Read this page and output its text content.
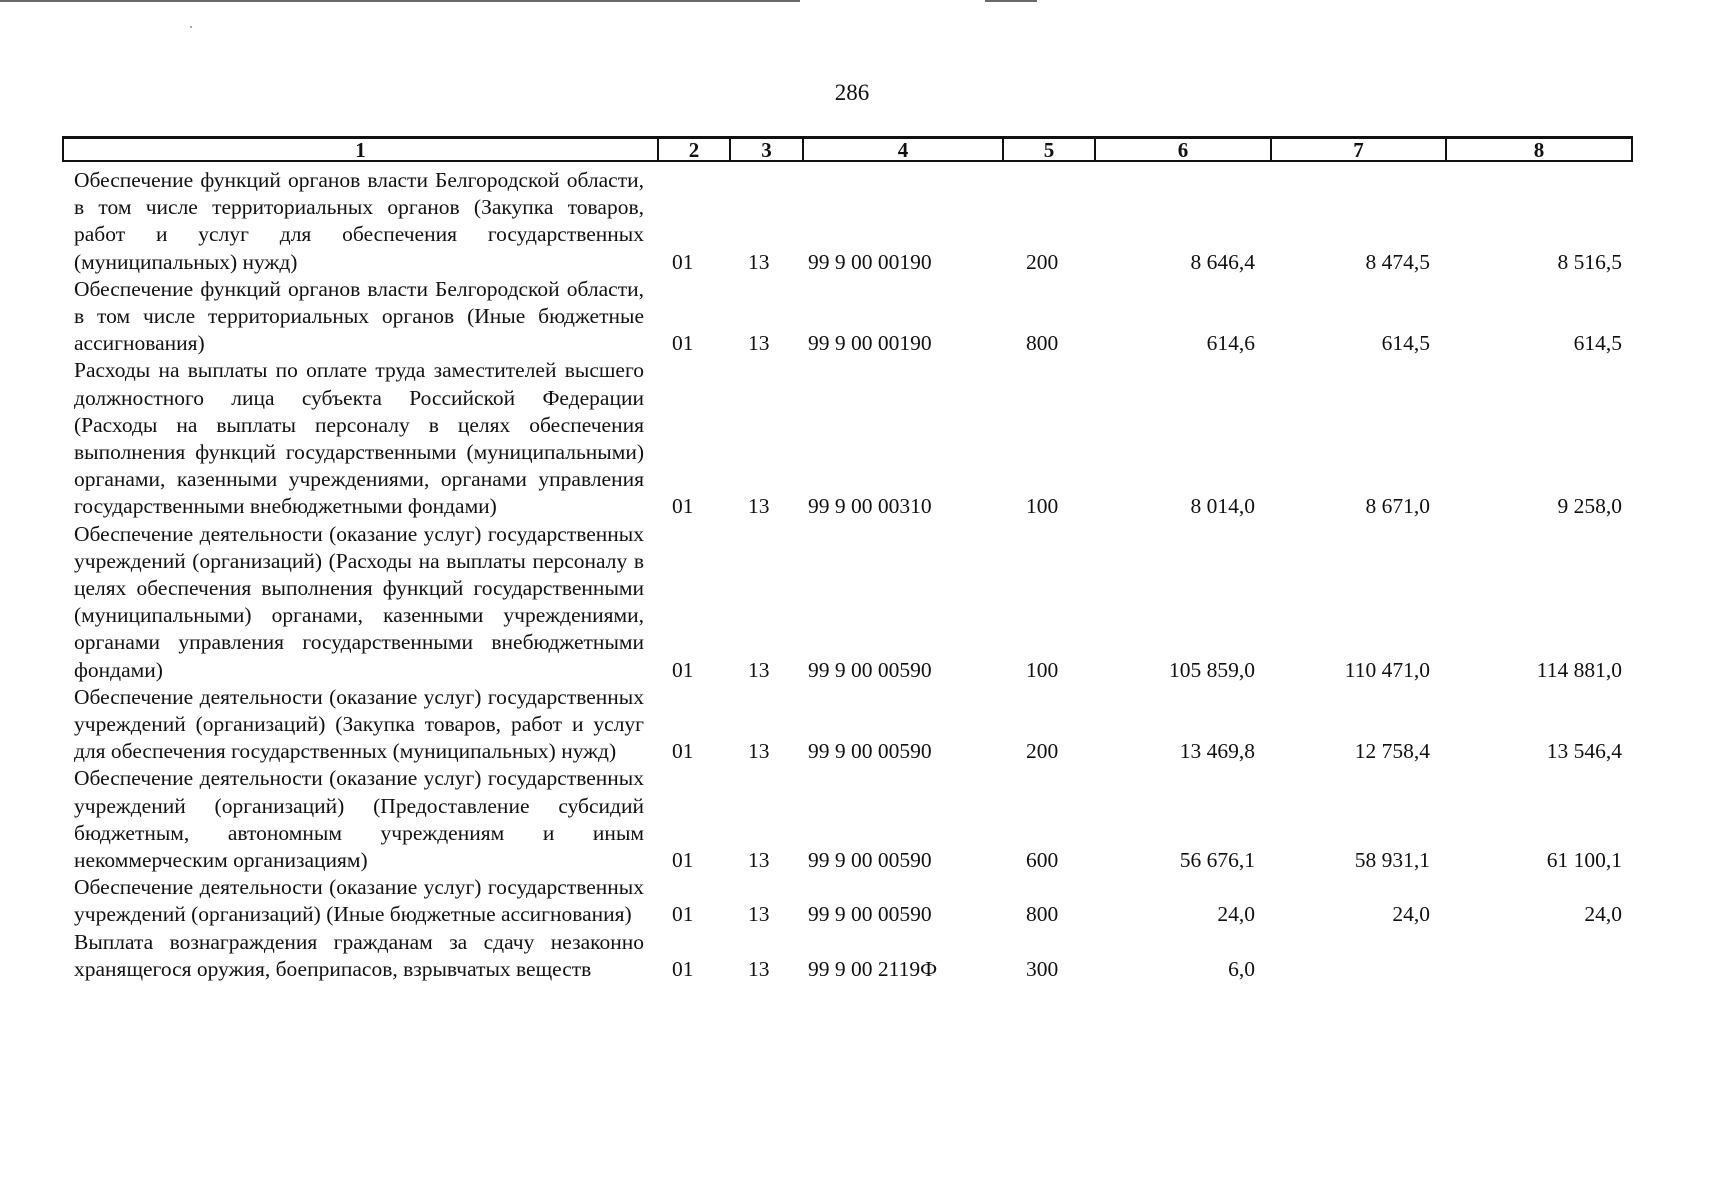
286
1	2	3	4	5	6	7	8
Обеспечение функций органов власти Белгородской области, в том числе территориальных органов (Закупка товаров, работ и услуг для обеспечения государственных (муниципальных) нужд)	01	13	99 9 00 00190	200	8 646,4	8 474,5	8 516,5
Обеспечение функций органов власти Белгородской области, в том числе территориальных органов (Иные бюджетные ассигнования)	01	13	99 9 00 00190	800	614,6	614,5	614,5
Расходы на выплаты по оплате труда заместителей высшего должностного лица субъекта Российской Федерации (Расходы на выплаты персоналу в целях обеспечения выполнения функций государственными (муниципальными) органами, казенными учреждениями, органами управления государственными внебюджетными фондами)	01	13	99 9 00 00310	100	8 014,0	8 671,0	9 258,0
Обеспечение деятельности (оказание услуг) государственных учреждений (организаций) (Расходы на выплаты персоналу в целях обеспечения выполнения функций государственными (муниципальными) органами, казенными учреждениями, органами управления государственными внебюджетными фондами)	01	13	99 9 00 00590	100	105 859,0	110 471,0	114 881,0
Обеспечение деятельности (оказание услуг) государственных учреждений (организаций) (Закупка товаров, работ и услуг для обеспечения государственных (муниципальных) нужд)	01	13	99 9 00 00590	200	13 469,8	12 758,4	13 546,4
Обеспечение деятельности (оказание услуг) государственных учреждений (организаций) (Предоставление субсидий бюджетным, автономным учреждениям и иным некоммерческим организациям)	01	13	99 9 00 00590	600	56 676,1	58 931,1	61 100,1
Обеспечение деятельности (оказание услуг) государственных учреждений (организаций) (Иные бюджетные ассигнования)	01	13	99 9 00 00590	800	24,0	24,0	24,0
Выплата вознаграждения гражданам за сдачу незаконно хранящегося оружия, боеприпасов, взрывчатых веществ	01	13	99 9 00 2119Ф	300	6,0
